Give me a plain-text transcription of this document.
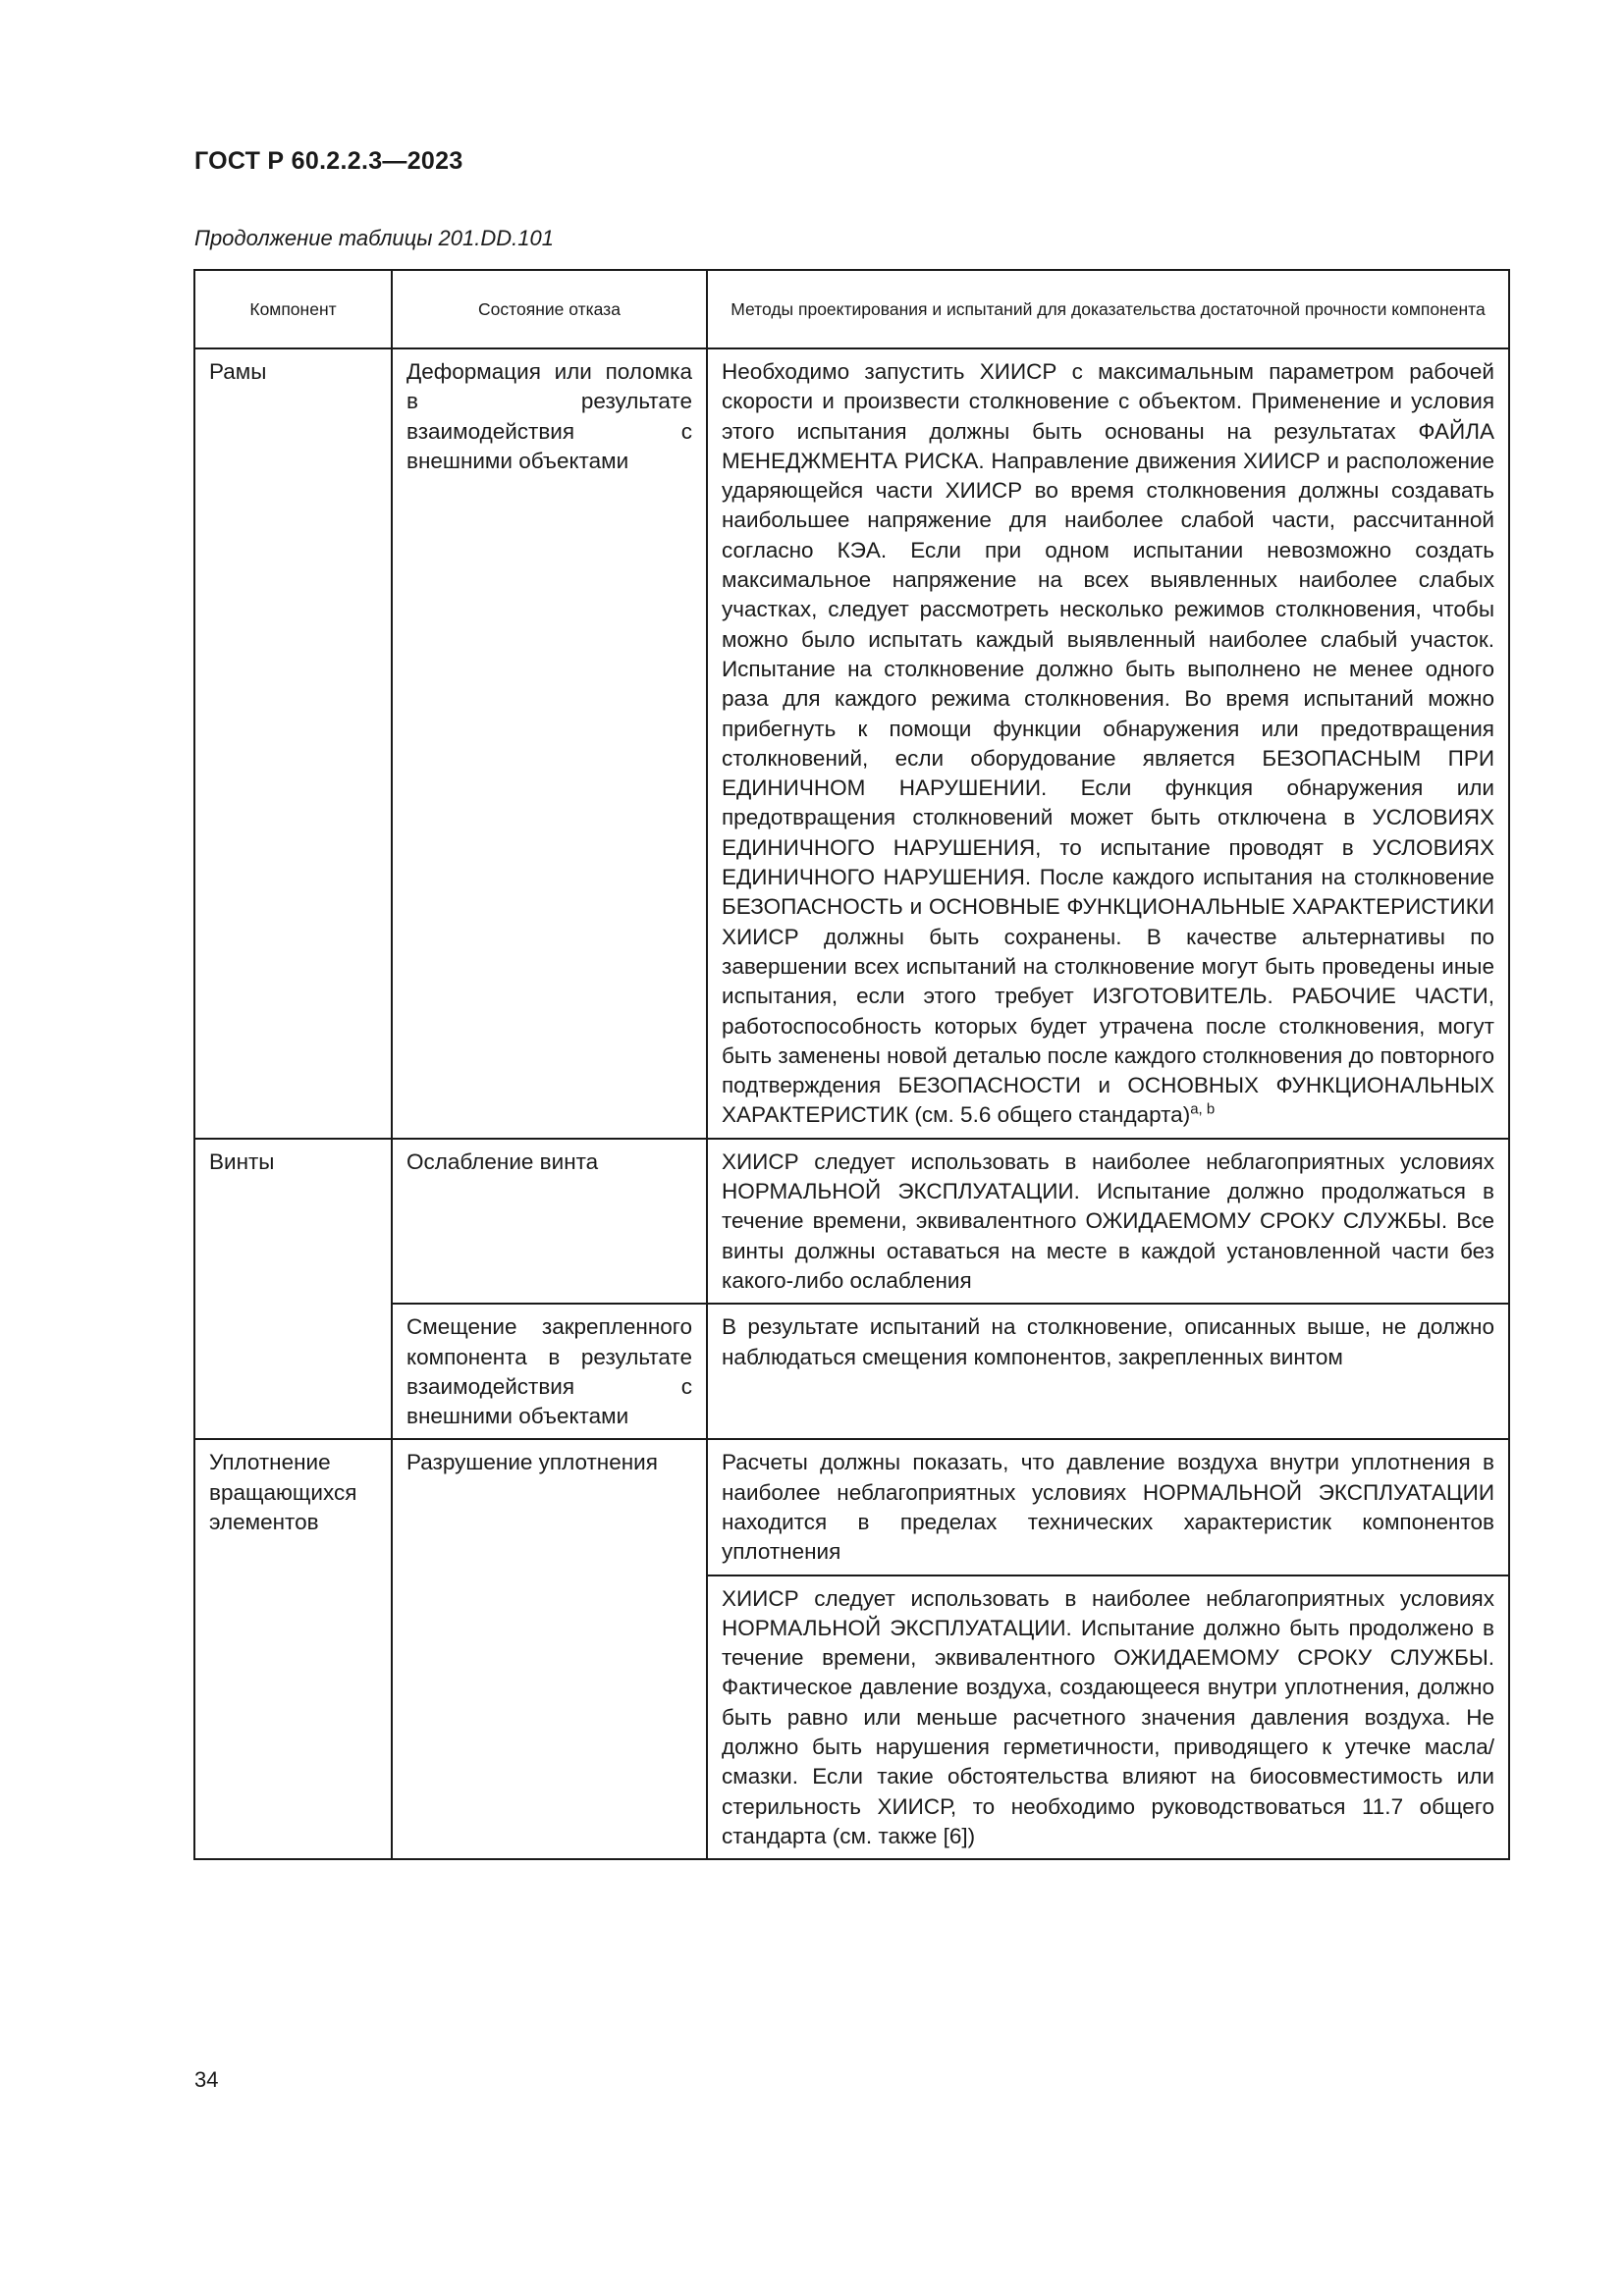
ГОСТ Р 60.2.2.3—2023
Продолжение таблицы 201.DD.101
Компонент	Состояние отказа	Методы проектирования и испытаний для доказательства достаточной прочности компонента
Рамы	Деформация или поломка в результате взаимодействия с внешними объектами	Необходимо запустить ХИИСР с максимальным параметром рабочей скорости и произвести столкновение с объектом. Применение и условия этого испытания должны быть основаны на результатах ФАЙЛА МЕНЕДЖМЕНТА РИСКА. Направление движения ХИИСР и расположение ударяющейся части ХИИСР во время столкновения должны создавать наибольшее напряжение для наиболее слабой части, рассчитанной согласно КЭА. Если при одном испытании невозможно создать максимальное напряжение на всех выявленных наиболее слабых участках, следует рассмотреть несколько режимов столкновения, чтобы можно было испытать каждый выявленный наиболее слабый участок. Испытание на столкновение должно быть выполнено не менее одного раза для каждого режима столкновения. Во время испытаний можно прибегнуть к помощи функции обнаружения или предотвращения столкновений, если оборудование является БЕЗОПАСНЫМ ПРИ ЕДИНИЧНОМ НАРУШЕНИИ. Если функция обнаружения или предотвращения столкновений может быть отключена в УСЛОВИЯХ ЕДИНИЧНОГО НАРУШЕНИЯ, то испытание проводят в УСЛОВИЯХ ЕДИНИЧНОГО НАРУШЕНИЯ. После каждого испытания на столкновение БЕЗОПАСНОСТЬ и ОСНОВНЫЕ ФУНКЦИОНАЛЬНЫЕ ХАРАКТЕРИСТИКИ ХИИСР должны быть сохранены. В качестве альтернативы по завершении всех испытаний на столкновение могут быть проведены иные испытания, если этого требует ИЗГОТОВИТЕЛЬ. РАБОЧИЕ ЧАСТИ, работоспособность которых будет утрачена после столкновения, могут быть заменены новой деталью после каждого столкновения до повторного подтверждения БЕЗОПАСНОСТИ и ОСНОВНЫХ ФУНКЦИОНАЛЬНЫХ ХАРАКТЕРИСТИК (см. 5.6 общего стандарта)$^{a, b}$
Винты	Ослабление винта	ХИИСР следует использовать в наиболее неблагоприятных условиях НОРМАЛЬНОЙ ЭКСПЛУАТАЦИИ. Испытание должно продолжаться в течение времени, эквивалентного ОЖИДАЕМОМУ СРОКУ СЛУЖБЫ. Все винты должны оставаться на месте в каждой установленной части без какого-либо ослабления
	Смещение закрепленного компонента в результате взаимодействия с внешними объектами	В результате испытаний на столкновение, описанных выше, не должно наблюдаться смещения компонентов, закрепленных винтом
Уплотнение вращающихся элементов	Разрушение уплотнения	Расчеты должны показать, что давление воздуха внутри уплотнения в наиболее неблагоприятных условиях НОРМАЛЬНОЙ ЭКСПЛУАТАЦИИ находится в пределах технических характеристик компонентов уплотнения
		ХИИСР следует использовать в наиболее неблагоприятных условиях НОРМАЛЬНОЙ ЭКСПЛУАТАЦИИ. Испытание должно быть продолжено в течение времени, эквивалентного ОЖИДАЕМОМУ СРОКУ СЛУЖБЫ. Фактическое давление воздуха, создающееся внутри уплотнения, должно быть равно или меньше расчетного значения давления воздуха. Не должно быть нарушения герметичности, приводящего к утечке масла/смазки. Если такие обстоятельства влияют на биосовместимость или стерильность ХИИСР, то необходимо руководствоваться 11.7 общего стандарта (см. также [6])
34
